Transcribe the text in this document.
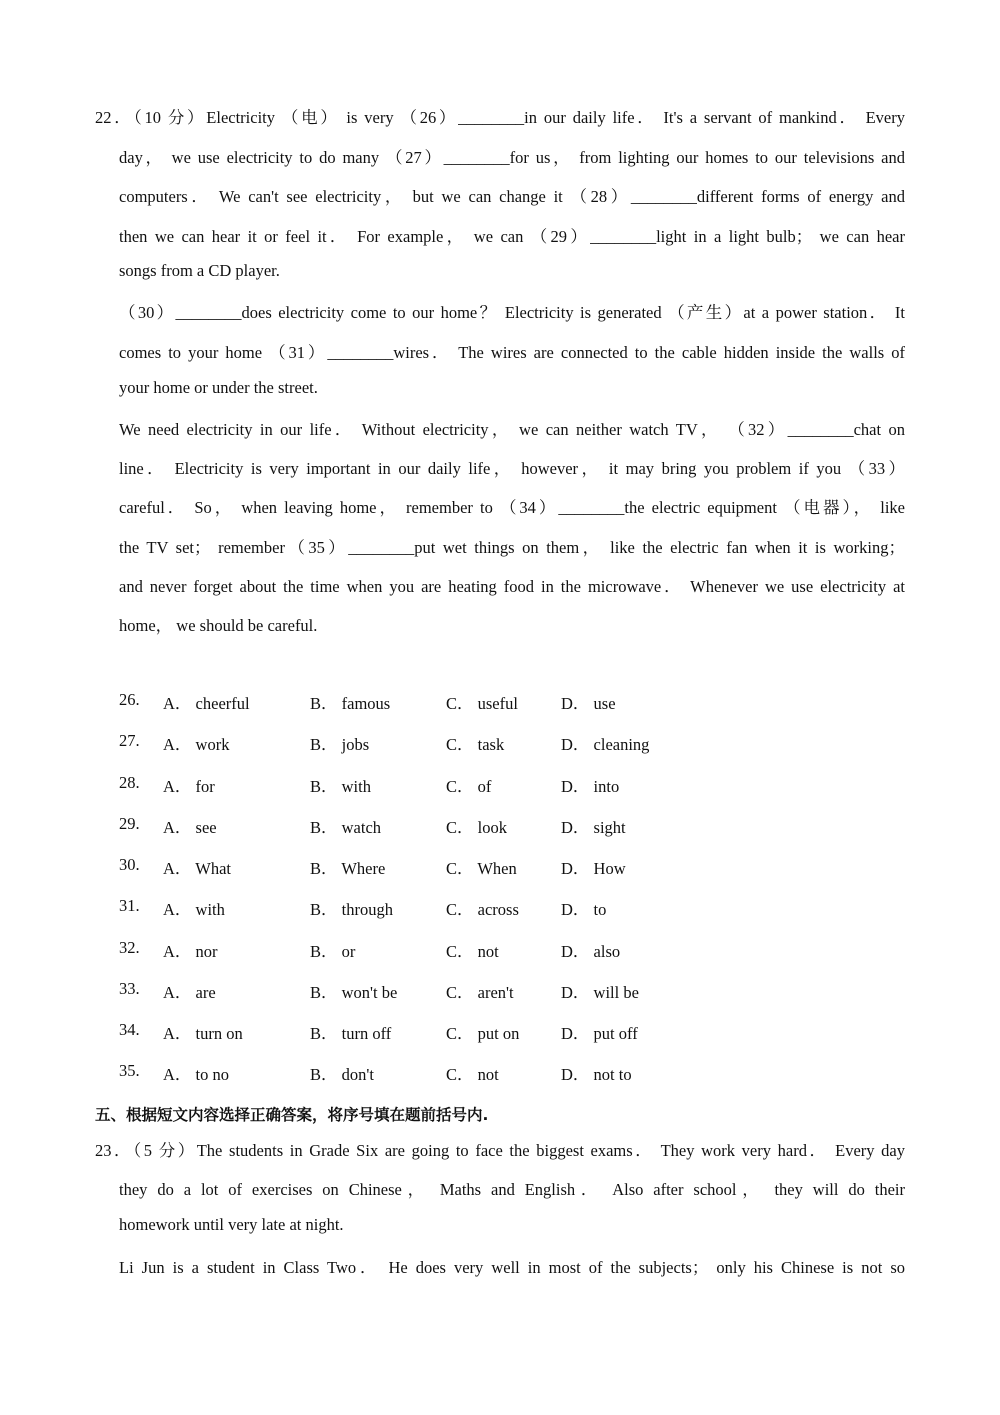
22．（10 分）Electricity （电） is very （26）________in our daily life． It's a servant of mankind． Every
day， we use electricity to do many （27）________for us， from lighting our homes to our televisions and
computers． We can't see electricity， but we can change it （28）________different forms of energy and
then we can hear it or feel it． For example， we can （29）________light in a light bulb； we can hear
songs from a CD player.
（30）________does electricity come to our home？ Electricity is generated （产生）at a power station． It
comes to your home （31）________wires． The wires are connected to the cable hidden inside the walls of
your home or under the street.
We need electricity in our life． Without electricity， we can neither watch TV， （32）________chat on
line． Electricity is very important in our daily life， however， it may bring you problem if you （33）
careful． So， when leaving home， remember to （34）________the electric equipment （电器）， like
the TV set； remember（35）________put wet things on them， like the electric fan when it is working；
and never forget about the time when you are heating food in the microwave． Whenever we use electricity at
home， we should be careful.
26. A． cheerful	B． famous	C． useful	D． use
27. A． work	B． jobs	C． task	D． cleaning
28. A． for	B． with	C． of	D． into
29. A． see	B． watch	C． look	D． sight
30. A． What	B． Where	C． When	D． How
31. A． with	B． through	C． across	D． to
32. A． nor	B． or	C． not	D． also
33. A． are	B． won't be	C． aren't	D． will be
34. A． turn on	B． turn off	C． put on	D． put off
35. A． to no	B． don't	C． not	D． not to
五、根据短文内容选择正确答案，将序号填在题前括号内.
23．（5 分）The students in Grade Six are going to face the biggest exams． They work very hard． Every day
they do a lot of exercises on Chinese， Maths and English． Also after school， they will do their
homework until very late at night.
Li Jun is a student in Class Two． He does very well in most of the subjects； only his Chinese is not so
